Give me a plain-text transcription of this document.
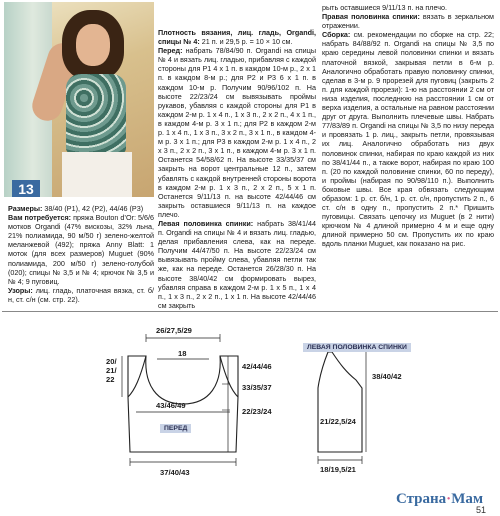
13

Размеры: 38/40 (P1), 42 (P2), 44/46 (P3)

Вам потребуется: пряжа Bouton d’Or: 5/6/6 мотков Organdi (47% вискозы, 32% льна, 21% полиамида, 90 м/50 г) зелено-желтой меланжевой (492); пряжа Anny Blatt: 1 моток (для всех размеров) Muguet (90% полиамида, 200 м/50 г) зелено-голубой (020); спицы № 3,5 и № 4; крючок № 3,5 и № 4; 9 пуговиц.

Узоры: лиц. гладь, платочная вязка, ст. б/н, ст. с/н (см. стр. 22).

Плотность вязания, лиц. гладь, Organdi, спицы № 4: 21 п. и 29,5 р. = 10 × 10 см.

Перед: набрать 78/84/90 п. Organdi на спицы № 4 и вязать лиц. гладью, прибавляя с каждой стороны для Р1 4 х 1 п. в каждом 10-м р., 2 х 1 п. в каждом 8-м р.; для Р2 и Р3 6 х 1 п. в каждом 10-м р. Получим 90/96/102 п. На высоте 22/23/24 см вывязывать проймы рукавов, убавляя с каждой стороны для Р1 в каждом 2-м р. 1 х 4 п., 1 х 3 п., 2 х 2 п., 4 х 1 п., в каждом 4-м р. 3 х 1 п.; для Р2 в каждом 2-м р. 1 х 4 п., 1 х 3 п., 3 х 2 п., 3 х 1 п., в каждом 4-м р. 3 х 1 п.; для Р3 в каждом 2-м р. 1 х 4 п., 2 х 3 п., 2 х 2 п., 3 х 1 п., в каждом 4-м р. 3 х 1 п. Останется 54/58/62 п. На высоте 33/35/37 см закрыть на ворот центральные 12 п., затем убавлять с каждой внутренней стороны ворота в каждом 2-м р. 1 х 3 п., 2 х 2 п., 5 х 1 п. Останется 9/11/13 п. на высоте 42/44/46 см закрыть оставшиеся 9/11/13 п. на каждое плечо.

Левая половинка спинки: набрать 38/41/44 п. Organdi на спицы № 4 и вязать лиц. гладью, делая прибавления слева, как на переде. Получим 44/47/50 п. На высоте 22/23/24 см вывязывать пройму слева, убавляя петли так же, как на переде. Останется 26/28/30 п. На высоте 38/40/42 см формировать вырез, убавляя справа в каждом 2-м р. 1 х 5 п., 1 х 4 п., 1 х 3 п., 2 х 2 п., 1 х 1 п. На высоте 42/44/46 см закрыть

рыть оставшиеся 9/11/13 п. на плечо.

Правая половинка спинки: вязать в зеркальном отражении.

Сборка: см. рекомендации по сборке на стр. 22; набрать 84/88/92 п. Organdi на спицы № 3,5 по краю середины левой половинки спинки и вязать платочной вязкой, закрывая петли в 6-м р. Аналогично обработать правую половинку спинки, сделав в 3-м р. 9 прорезей для пуговиц (закрыть 2 п. для каждой прорези): 1-ю на расстоянии 2 см от низа изделия, последнюю на расстоянии 1 см от верха изделия, а остальные на равном расстоянии друг от друга. Выполнить плечевые швы. Набрать 77/83/89 п. Organdi на спицы № 3,5 по низу переда и провязать 1 р. лиц., закрыть петли, провязывая их лиц. Аналогично обработать низ двух половинок спинки, набирая по краю каждой из них по 38/41/44 п., а также ворот, набирая по краю 100 п. (20 по каждой половинке спинки, 60 по переду), и проймы (набирая по 90/98/110 п.). Выполнить боковые швы. Все края обвязать следующим образом: 1 р. ст. б/н, 1 р. ст. с/н, пропустить 2 п., 6 ст. с/н в одну п., пропустить 2 п.* Пришить пуговицы. Связать цепочку из Muguet (в 2 нити) крючком № 4 длиной примерно 4 м и еще одну длиной примерно 50 см. Пропустить их по краю вдоль планки Muguet, как показано на рис.

26/27,5/29
18
42/44/46
33/35/37
22/23/24
20/ 21/ 22
43/46/49
37/40/43
38/40/42
21/22,5/24
18/19,5/21
ЛЕВАЯ ПОЛОВИНКА СПИНКИ
ПЕРЕД
Страна·Мам
51
